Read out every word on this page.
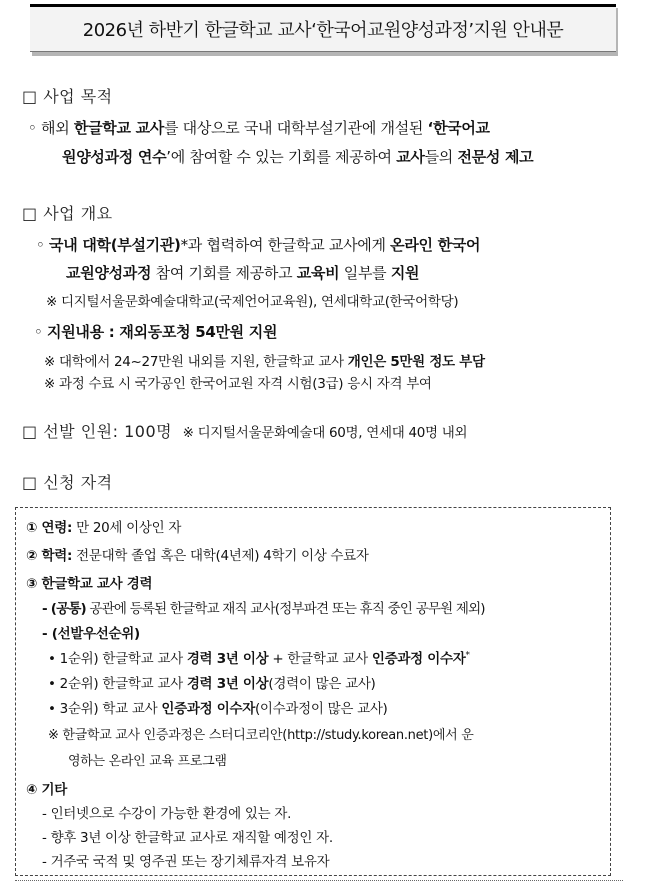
2026년 하반기 한글학교 교사‘한국어교원양성과정’지원 안내문
□ 사업 목적
◦ 해외 한글학교 교사를 대상으로 국내 대학부설기관에 개설된 ‘한국어교
원양성과정 연수’에 참여할 수 있는 기회를 제공하여 교사들의 전문성 제고
□ 사업 개요
◦ 국내 대학(부설기관)*과 협력하여 한글학교 교사에게 온라인 한국어
교원양성과정 참여 기회를 제공하고 교육비 일부를 지원
※ 디지털서울문화예술대학교(국제언어교육원), 연세대학교(한국어학당)
◦ 지원내용 : 재외동포청 54만원 지원
※ 대학에서 24~27만원 내외를 지원, 한글학교 교사 개인은 5만원 정도 부담
※ 과정 수료 시 국가공인 한국어교원 자격 시험(3급) 응시 자격 부여
□ 선발 인원: 100명 ※ 디지털서울문화예술대 60명, 연세대 40명 내외
□ 신청 자격
① 연령: 만 20세 이상인 자
② 학력: 전문대학 졸업 혹은 대학(4년제) 4학기 이상 수료자
③ 한글학교 교사 경력
- (공통) 공관에 등록된 한글학교 재직 교사(정부파견 또는 휴직 중인 공무원 제외)
- (선발우선순위)
• 1순위) 한글학교 교사 경력 3년 이상 + 한글학교 교사 인증과정 이수자*
• 2순위) 한글학교 교사 경력 3년 이상(경력이 많은 교사)
• 3순위) 학교 교사 인증과정 이수자(이수과정이 많은 교사)
※ 한글학교 교사 인증과정은 스터디코리안(http://study.korean.net)에서 운
영하는 온라인 교육 프로그램
④ 기타
- 인터넷으로 수강이 가능한 환경에 있는 자.
- 향후 3년 이상 한글학교 교사로 재직할 예정인 자.
- 거주국 국적 및 영주권 또는 장기체류자격 보유자
